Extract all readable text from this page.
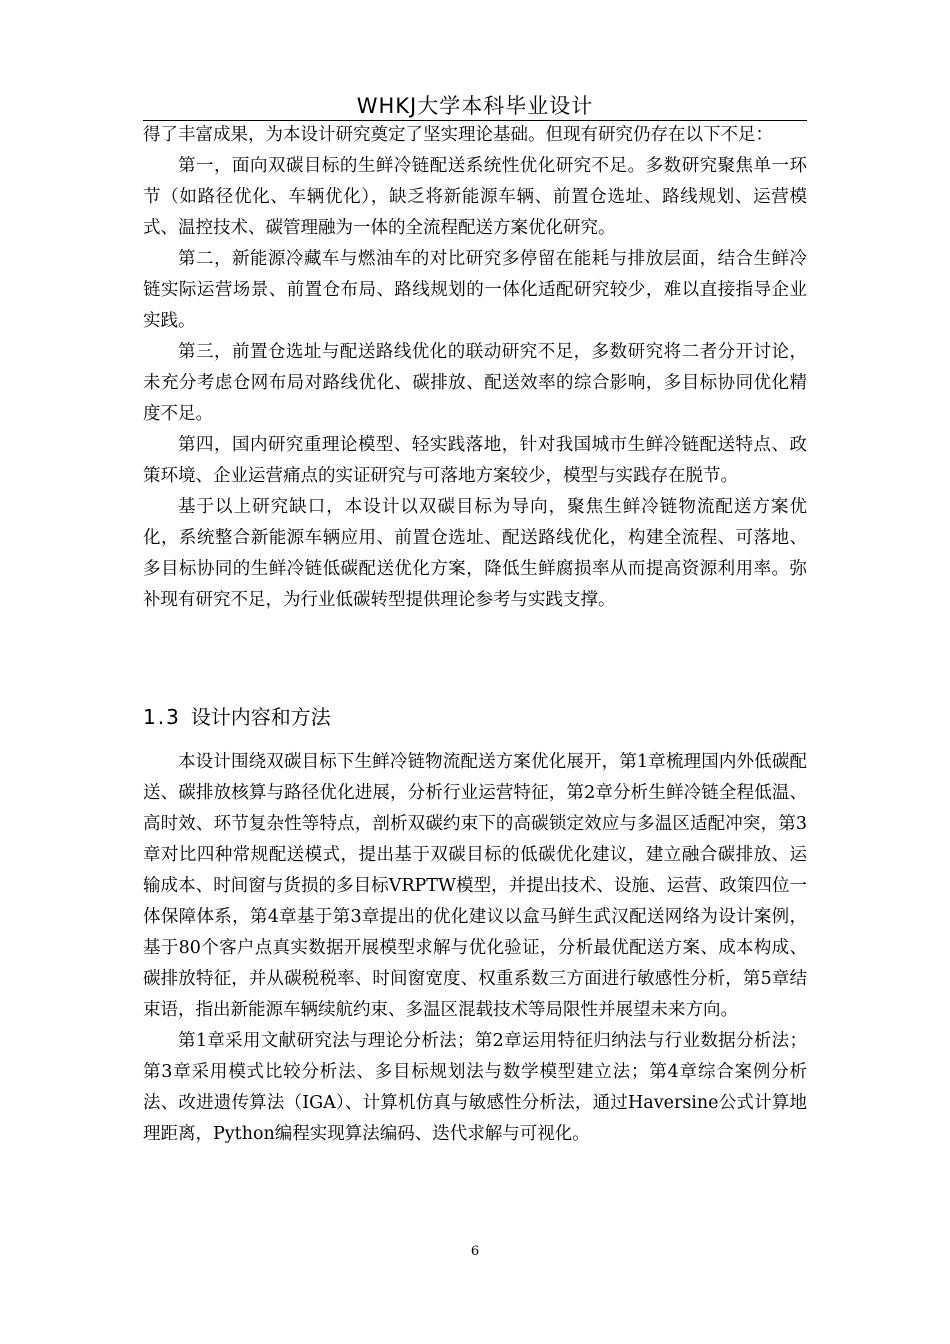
WHKJ大学本科毕业设计

得了丰富成果，为本设计研究奠定了坚实理论基础。但现有研究仍存在以下不足：

第一，面向双碳目标的生鲜冷链配送系统性优化研究不足。多数研究聚焦单一环节（如路径优化、车辆优化），缺乏将新能源车辆、前置仓选址、路线规划、运营模式、温控技术、碳管理融为一体的全流程配送方案优化研究。

第二，新能源冷藏车与燃油车的对比研究多停留在能耗与排放层面，结合生鲜冷链实际运营场景、前置仓布局、路线规划的一体化适配研究较少，难以直接指导企业实践。

第三，前置仓选址与配送路线优化的联动研究不足，多数研究将二者分开讨论，未充分考虑仓网布局对路线优化、碳排放、配送效率的综合影响，多目标协同优化精度不足。

第四，国内研究重理论模型、轻实践落地，针对我国城市生鲜冷链配送特点、政策环境、企业运营痛点的实证研究与可落地方案较少，模型与实践存在脱节。

基于以上研究缺口，本设计以双碳目标为导向，聚焦生鲜冷链物流配送方案优化，系统整合新能源车辆应用、前置仓选址、配送路线优化，构建全流程、可落地、多目标协同的生鲜冷链低碳配送优化方案，降低生鲜腐损率从而提高资源利用率。弥补现有研究不足，为行业低碳转型提供理论参考与实践支撑。

1.3 设计内容和方法

本设计围绕双碳目标下生鲜冷链物流配送方案优化展开，第1章梳理国内外低碳配送、碳排放核算与路径优化进展，分析行业运营特征，第2章分析生鲜冷链全程低温、高时效、环节复杂性等特点，剖析双碳约束下的高碳锁定效应与多温区适配冲突，第3章对比四种常规配送模式，提出基于双碳目标的低碳优化建议，建立融合碳排放、运输成本、时间窗与货损的多目标VRPTW模型，并提出技术、设施、运营、政策四位一体保障体系，第4章基于第3章提出的优化建议以盒马鲜生武汉配送网络为设计案例，基于80个客户点真实数据开展模型求解与优化验证，分析最优配送方案、成本构成、碳排放特征，并从碳税税率、时间窗宽度、权重系数三方面进行敏感性分析，第5章结束语，指出新能源车辆续航约束、多温区混载技术等局限性并展望未来方向。

第1章采用文献研究法与理论分析法；第2章运用特征归纳法与行业数据分析法；第3章采用模式比较分析法、多目标规划法与数学模型建立法；第4章综合案例分析法、改进遗传算法（IGA）、计算机仿真与敏感性分析法，通过Haversine公式计算地理距离，Python编程实现算法编码、迭代求解与可视化。

6
